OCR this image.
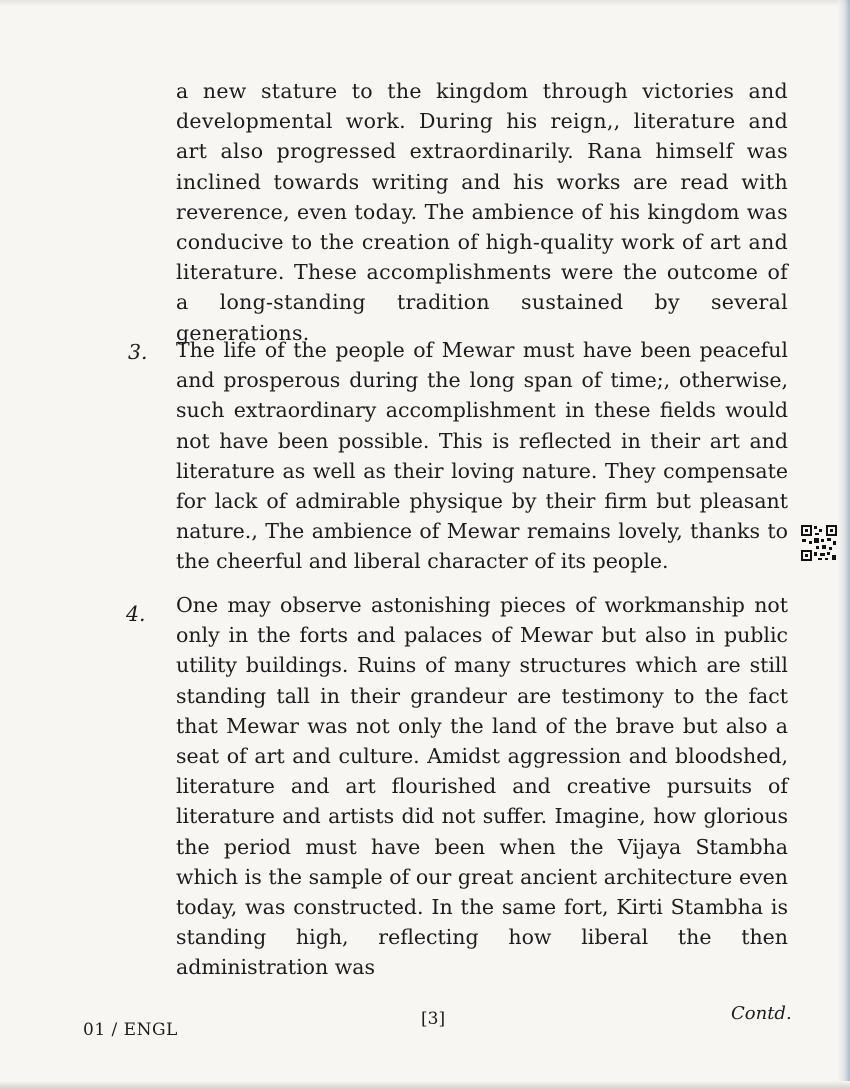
a new stature to the kingdom through victories and developmental work. During his reign,, literature and art also progressed extraordinarily. Rana himself was inclined towards writing and his works are read with reverence, even today. The ambience of his kingdom was conducive to the creation of high-quality work of art and literature. These accomplishments were the outcome of a long-standing tradition sustained by several generations.
3. The life of the people of Mewar must have been peaceful and prosperous during the long span of time;, otherwise, such extraordinary accomplishment in these fields would not have been possible. This is reflected in their art and literature as well as their loving nature. They compensate for lack of admirable physique by their firm but pleasant nature., The ambience of Mewar remains lovely, thanks to the cheerful and liberal character of its people.
4. One may observe astonishing pieces of workmanship not only in the forts and palaces of Mewar but also in public utility buildings. Ruins of many structures which are still standing tall in their grandeur are testimony to the fact that Mewar was not only the land of the brave but also a seat of art and culture. Amidst aggression and bloodshed, literature and art flourished and creative pursuits of literature and artists did not suffer. Imagine, how glorious the period must have been when the Vijaya Stambha which is the sample of our great ancient architecture even today, was constructed. In the same fort, Kirti Stambha is standing high, reflecting how liberal the then administration was
01 / ENGL
[3]	Contd.
